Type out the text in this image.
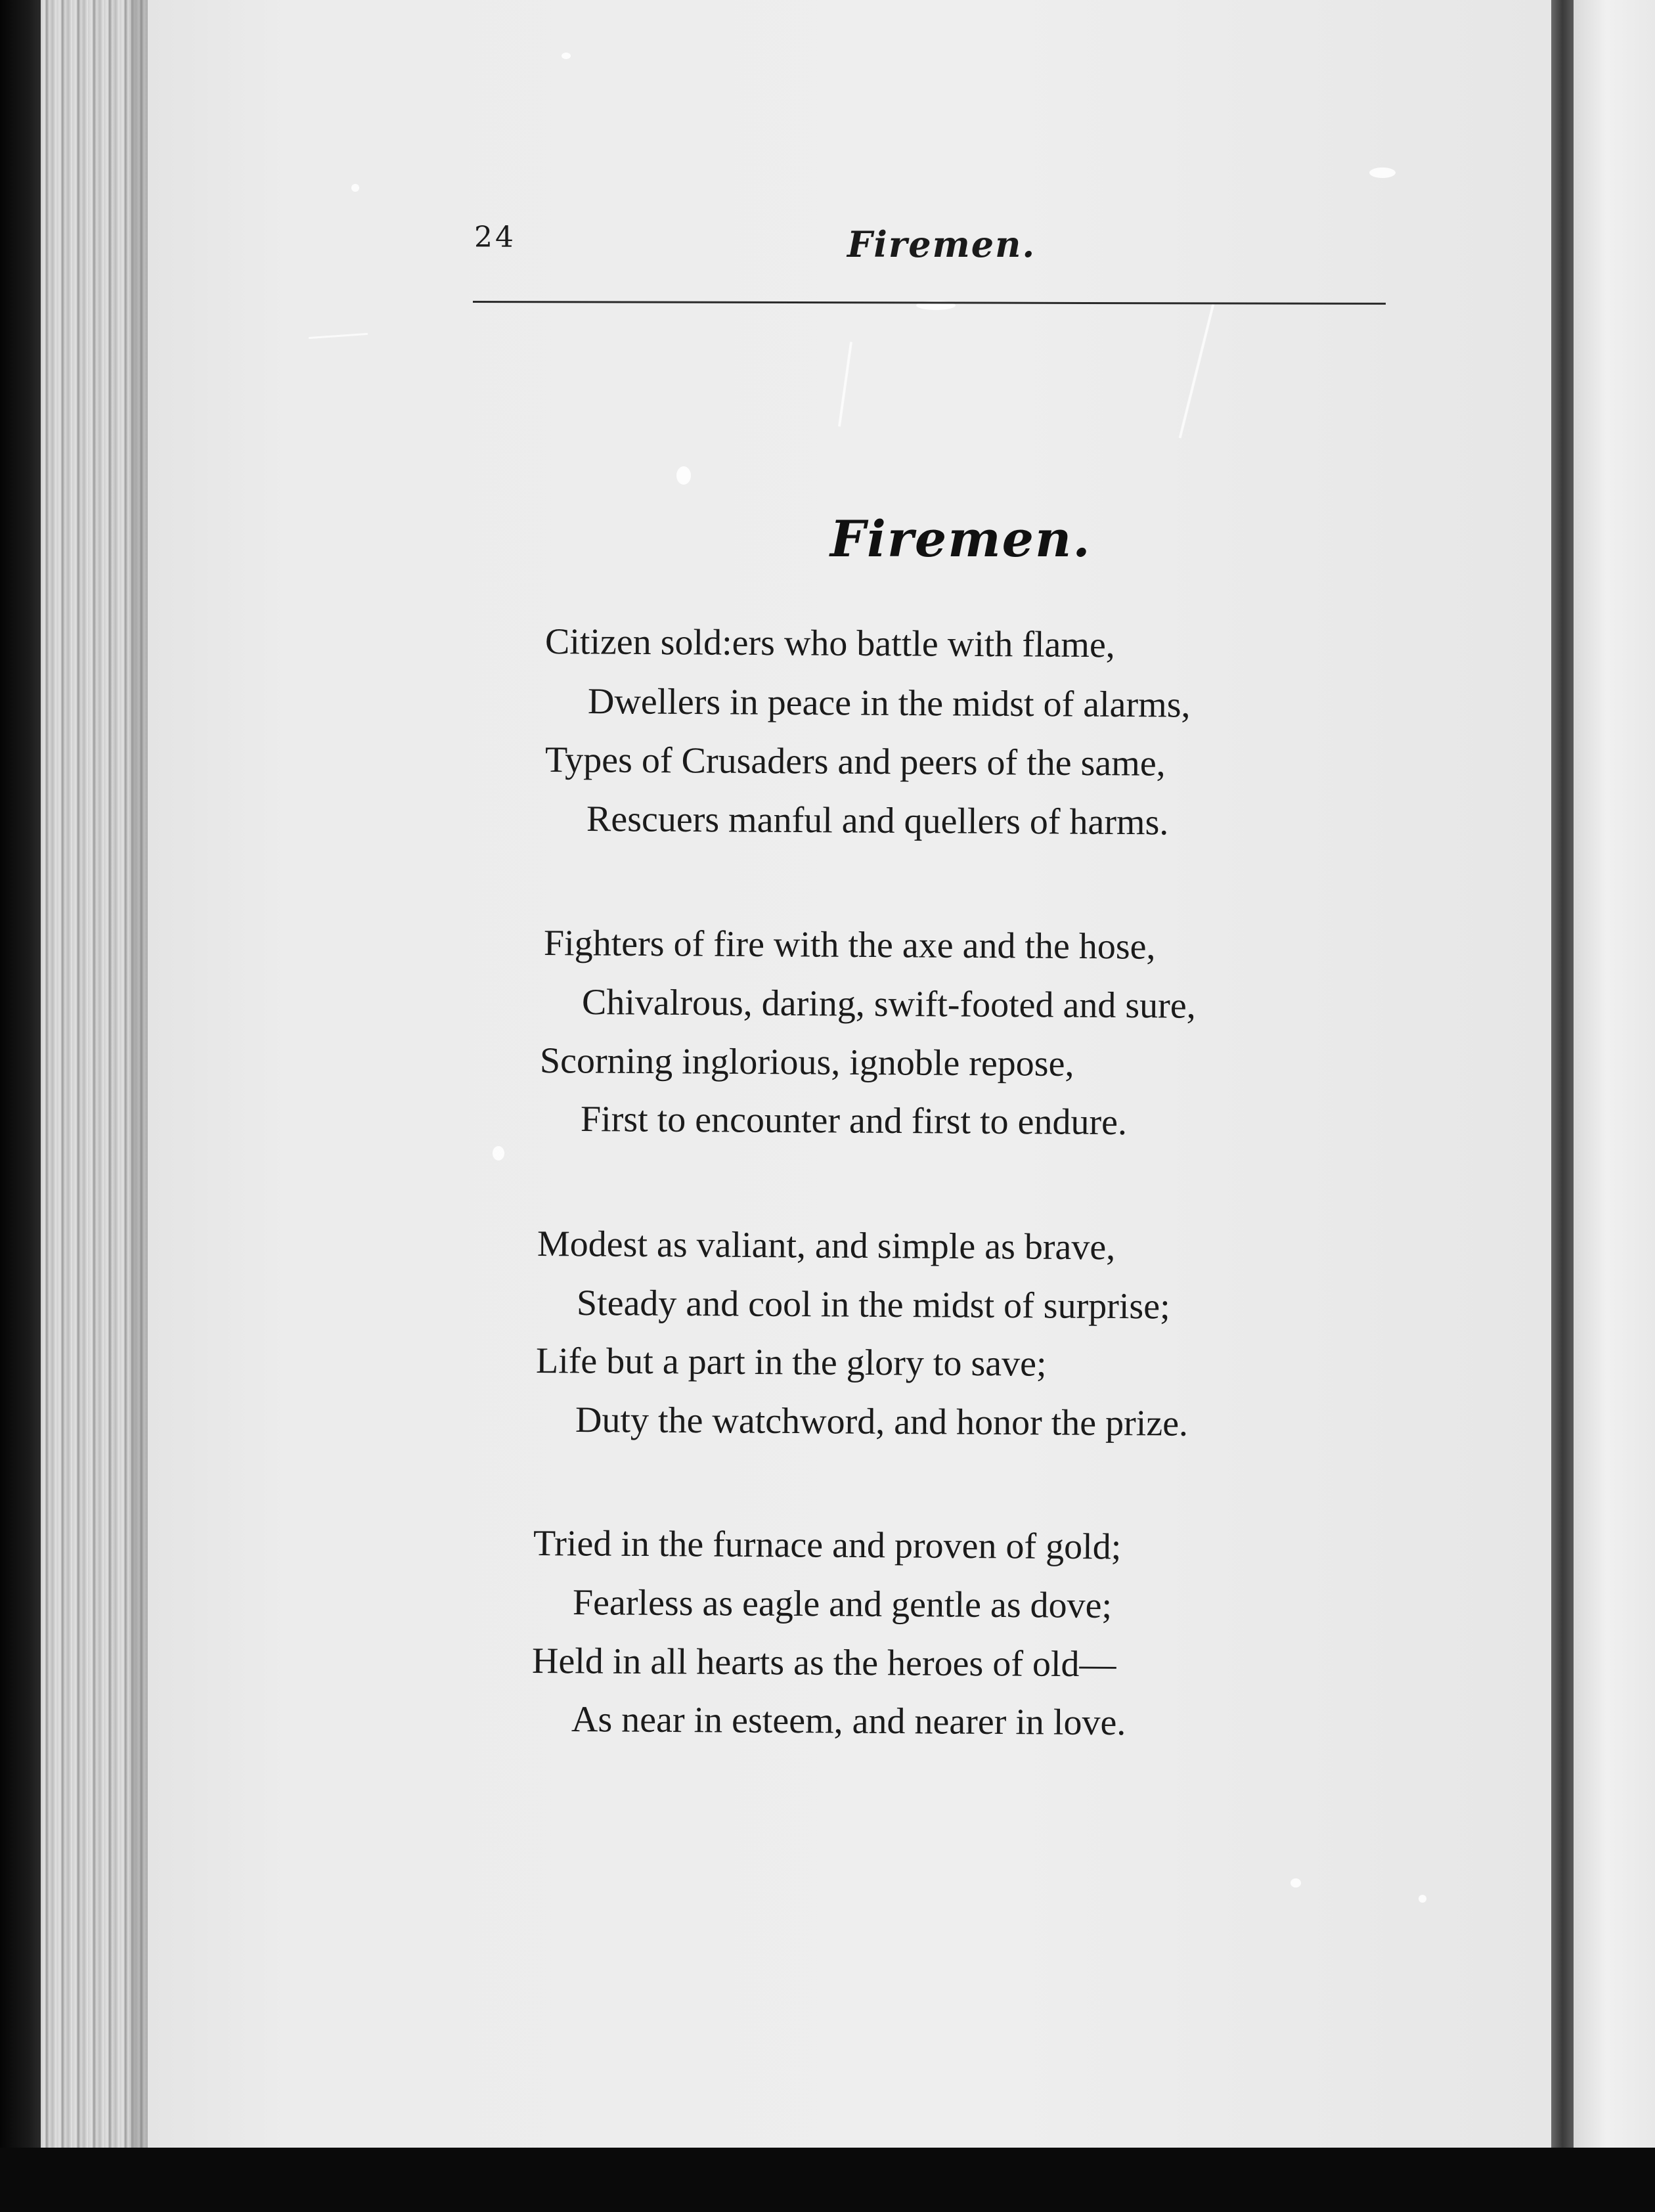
24	Firemen.
Firemen.
Citizen sold:ers who battle with flame,
Dwellers in peace in the midst of alarms,
Types of Crusaders and peers of the same,
Rescuers manful and quellers of harms.
Fighters of fire with the axe and the hose,
Chivalrous, daring, swift-footed and sure,
Scorning inglorious, ignoble repose,
First to encounter and first to endure.
Modest as valiant, and simple as brave,
Steady and cool in the midst of surprise;
Life but a part in the glory to save;
Duty the watchword, and honor the prize.
Tried in the furnace and proven of gold;
Fearless as eagle and gentle as dove;
Held in all hearts as the heroes of old—
As near in esteem, and nearer in love.
